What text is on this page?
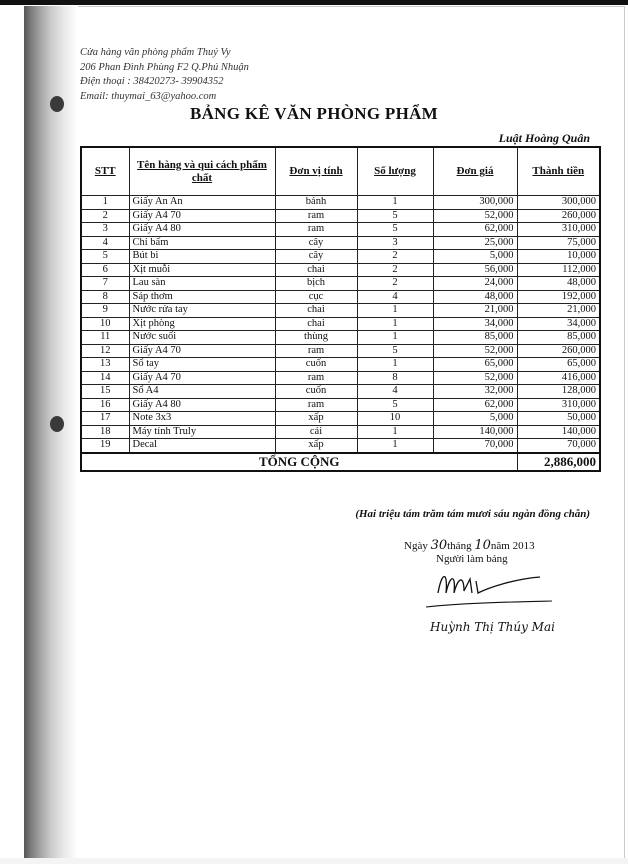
Cửa hàng văn phòng phẩm Thuý Vy
206 Phan Đình Phùng F2 Q.Phú Nhuận
Điện thoại : 38420273- 39904352
Email: thuymai_63@yahoo.com
BẢNG KÊ VĂN PHÒNG PHẨM
Luật Hoàng Quân
STT	Tên hàng và qui cách phẩm chất	Đơn vị tính	Số lượng	Đơn giá	Thành tiền
1	Giấy An An	bánh	1	300,000	300,000
2	Giấy A4 70	ram	5	52,000	260,000
3	Giấy A4 80	ram	5	62,000	310,000
4	Chỉ bấm	cây	3	25,000	75,000
5	Bút bi	cây	2	5,000	10,000
6	Xịt muỗi	chai	2	56,000	112,000
7	Lau sàn	bịch	2	24,000	48,000
8	Sáp thơm	cục	4	48,000	192,000
9	Nước rửa tay	chai	1	21,000	21,000
10	Xịt phòng	chai	1	34,000	34,000
11	Nước suối	thùng	1	85,000	85,000
12	Giấy A4 70	ram	5	52,000	260,000
13	Sổ tay	cuốn	1	65,000	65,000
14	Giấy A4 70	ram	8	52,000	416,000
15	Sổ A4	cuốn	4	32,000	128,000
16	Giấy A4 80	ram	5	62,000	310,000
17	Note 3x3	xấp	10	5,000	50,000
18	Máy tính Truly	cái	1	140,000	140,000
19	Decal	xấp	1	70,000	70,000
TỔNG CỘNG					2,886,000
(Hai triệu tám trăm tám mươi sáu ngàn đồng chẵn)
Ngày 30tháng 10năm 2013
Người làm bảng
Huỳnh Thị Thúy Mai
